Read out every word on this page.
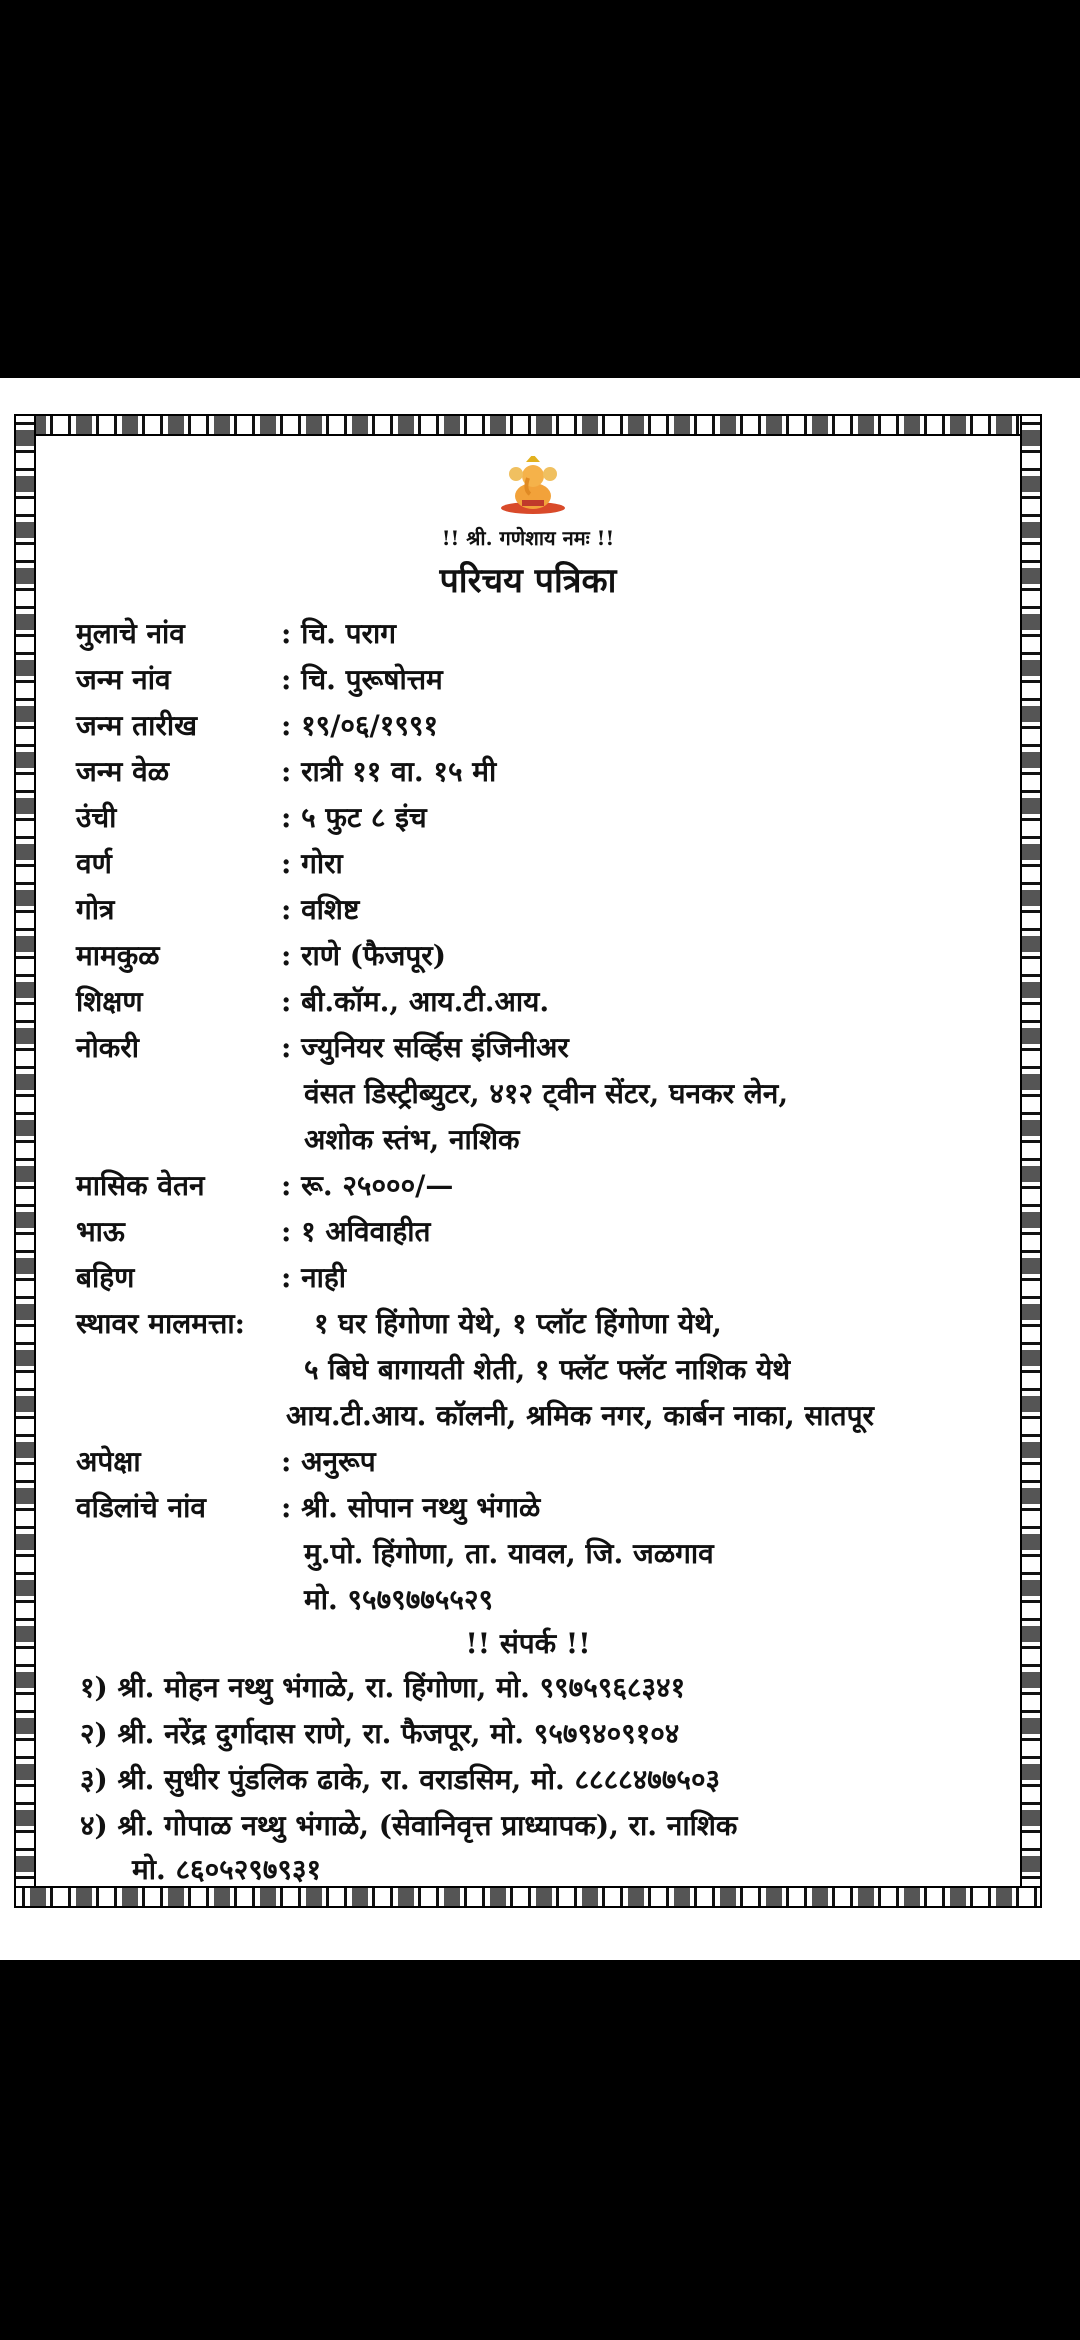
!! श्री. गणेशाय नमः !!
परिचय पत्रिका
मुलाचे नांव	: चि. पराग
जन्म नांव	: चि. पुरूषोत्तम
जन्म तारीख	: १९/०६/१९९१
जन्म वेळ	: रात्री ११ वा. १५ मी
उंची	: ५ फुट ८ इंच
वर्ण	: गोरा
गोत्र	: वशिष्ट
मामकुळ	: राणे (फैजपूर)
शिक्षण	: बी.कॉम., आय.टी.आय.
नोकरी	: ज्युनियर सर्व्हिस इंजिनीअर
वंसत डिस्ट्रीब्युटर, ४१२ ट्वीन सेंटर, घनकर लेन,
अशोक स्तंभ, नाशिक
मासिक वेतन	: रू. २५०००/—
भाऊ	: १ अविवाहीत
बहिण	: नाही
स्थावर मालमत्ता: १ घर हिंगोणा येथे, १ प्लॉट हिंगोणा येथे,
५ बिघे बागायती शेती, १ फ्लॅट फ्लॅट नाशिक येथे
आय.टी.आय. कॉलनी, श्रमिक नगर, कार्बन नाका, सातपूर
अपेक्षा	: अनुरूप
वडिलांचे नांव	: श्री. सोपान नथ्थु भंगाळे
मु.पो. हिंगोणा, ता. यावल, जि. जळगाव
मो. ९५७९७७५५२९
!! संपर्क !!
१) श्री. मोहन नथ्थु भंगाळे, रा. हिंगोणा, मो. ९९७५९६८३४१
२) श्री. नरेंद्र दुर्गादास राणे, रा. फैजपूर, मो. ९५७९४०९१०४
३) श्री. सुधीर पुंडलिक ढाके, रा. वराडसिम, मो. ८८८८४७७५०३
४) श्री. गोपाळ नथ्थु भंगाळे, (सेवानिवृत्त प्राध्यापक), रा. नाशिक
मो. ८६०५२९७९३१
